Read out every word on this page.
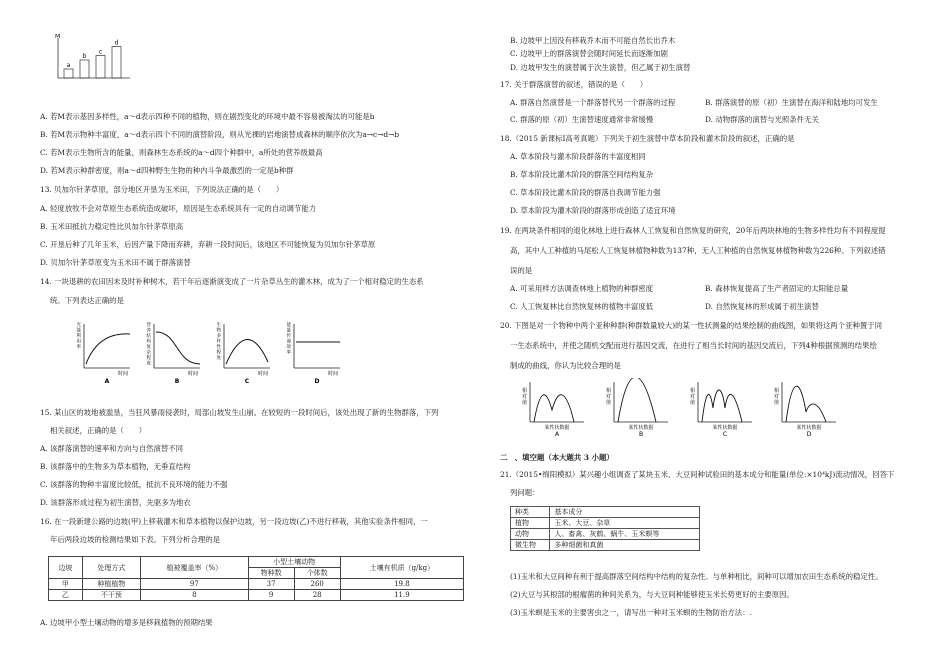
M
a
b
c
d
A. 若M表示基因多样性，a～d表示四种不同的植物，则在剧烈变化的环境中最不容易被淘汰的可能是b
B. 若M表示物种丰富度，a～d表示四个不同的演替阶段，则从光裸的岩地演替成森林的顺序依次为a→c→d→b
C. 若M表示生物所含的能量，则森林生态系统的a～d四个种群中，a所处的营养级最高
D. 若M表示种群密度，则a～d四种野生生物的种内斗争最激烈的一定是b种群
13. 贝加尔针茅草原，部分地区开垦为玉米田，下列说法正确的是（　　）
A. 轻度放牧不会对草原生态系统造成破坏，原因是生态系统具有一定的自动调节能力
B. 玉米田抵抗力稳定性比贝加尔针茅草原高
C. 开垦后种了几年玉米，后因产量下降而弃耕，弃耕一段时间后，该地区不可能恢复为贝加尔针茅草原
D. 贝加尔针茅草原变为玉米田不属于群落演替
14. 一块退耕的农田因未及时补种树木，若干年后逐渐演变成了一片杂草丛生的灌木林，成为了一个相对稳定的生态系
统。下列表达正确的是
光能利用率
时间
A
营养结构复杂程度
时间
B
生物多样性程度
时间
C
能量传递效率
时间
D
15. 某山区的坡地被滥垦，当狂风暴雨侵袭时，局部山坡发生山崩。在较短的一段时间后，该处出现了新的生物群落，下列
相关叙述，正确的是（　　）
A. 该群落演替的速率和方向与自然演替不同
B. 该群落中的生物多为草本植物，无垂直结构
C. 该群落的物种丰富度比较低，抵抗不良环境的能力不强
D. 该群落形成过程为初生演替，先驱多为地衣
16. 在一段新建公路的边坡(甲)上移栽灌木和草本植物以保护边坡，另一段边坡(乙)不进行移栽，其他实验条件相同，一
年后两段边坡的检测结果如下表。下列分析合理的是
边坡	处理方式	植被覆盖率（%）	小型土壤动物		土壤有机质（g/kg）
			物种数	个体数	
甲	种植植物	97	37	260	19.8
乙	不干预	8	9	28	11.9
A. 边坡甲小型土壤动物的增多是移栽植物的预期结果
B. 边坡甲上因没有移栽乔木而不可能自然长出乔木
C. 边坡甲上的群落演替会随时间延长而逐渐加剧
D. 边坡甲发生的演替属于次生演替，但乙属于初生演替
17. 关于群落演替的叙述，错误的是（　　）
A. 群落自然演替是一个群落替代另一个群落的过程	B. 群落演替的原（初）生演替在海洋和陆地均可发生
C. 群落的原（初）生演替速度通常非常缓慢	D. 动物群落的演替与光照条件无关
18.（2015 新课标Ⅰ高考真题）下列关于初生演替中草本阶段和灌木阶段的叙述，正确的是
A. 草本阶段与灌木阶段群落的丰富度相同
B. 草本阶段比灌木阶段的群落空间结构复杂
C. 草本阶段比灌木阶段的群落自我调节能力强
D. 草本阶段为灌木阶段的群落形成创造了适宜环境
19. 在两块条件相同的退化林地上进行森林人工恢复和自然恢复的研究，20年后两块林地的生物多样性均有不同程度提
高，其中人工种植的马尾松人工恢复林植物种数为137种，无人工种植的自然恢复林植物种数为226种。下列叙述错
误的是
A. 可采用样方法调查林地上植物的种群密度	B. 森林恢复提高了生产者固定的太阳能总量
C. 人工恢复林比自然恢复林的植物丰富度低	D. 自然恢复林的形成属于初生演替
20. 下图是对一个物种中两个亚种种群(种群数量较大)的某一性状测量的结果绘制的曲线图，如果将这两个亚种置于同
一生态系统中，并使之随机交配而进行基因交流，在进行了相当长时间的基因交流后，下列4种根据预测的结果绘
制成的曲线，你认为比较合理的是
相对值
某性状数据
A
相对值
某性状数据
B
相对值
某性状数据
C
相对值
某性状数据
D
二　、填空题（本大题共 3 小题）
21.（2015•绵阳模拟）某兴趣小组调查了某块玉米、大豆间种试验田的基本成分和能量(单位:×10⁴kJ)流动情况，回答下
列问题：
种类	基本成分
植物	玉米、大豆、杂草
动物	人、畜禽、灰鹤、蜗牛、玉米螟等
微生物	多种细菌和真菌
(1)玉米和大豆间种有利于提高群落空间结构中结构的复杂性。与单种相比，间种可以增加农田生态系统的稳定性。
(2)大豆与其根部的根瘤菌的种间关系为，与大豆间种能够使玉米长势更好的主要原因。
(3)玉米螟是玉米的主要害虫之一，请写出一种对玉米螟的生物防治方法：.
